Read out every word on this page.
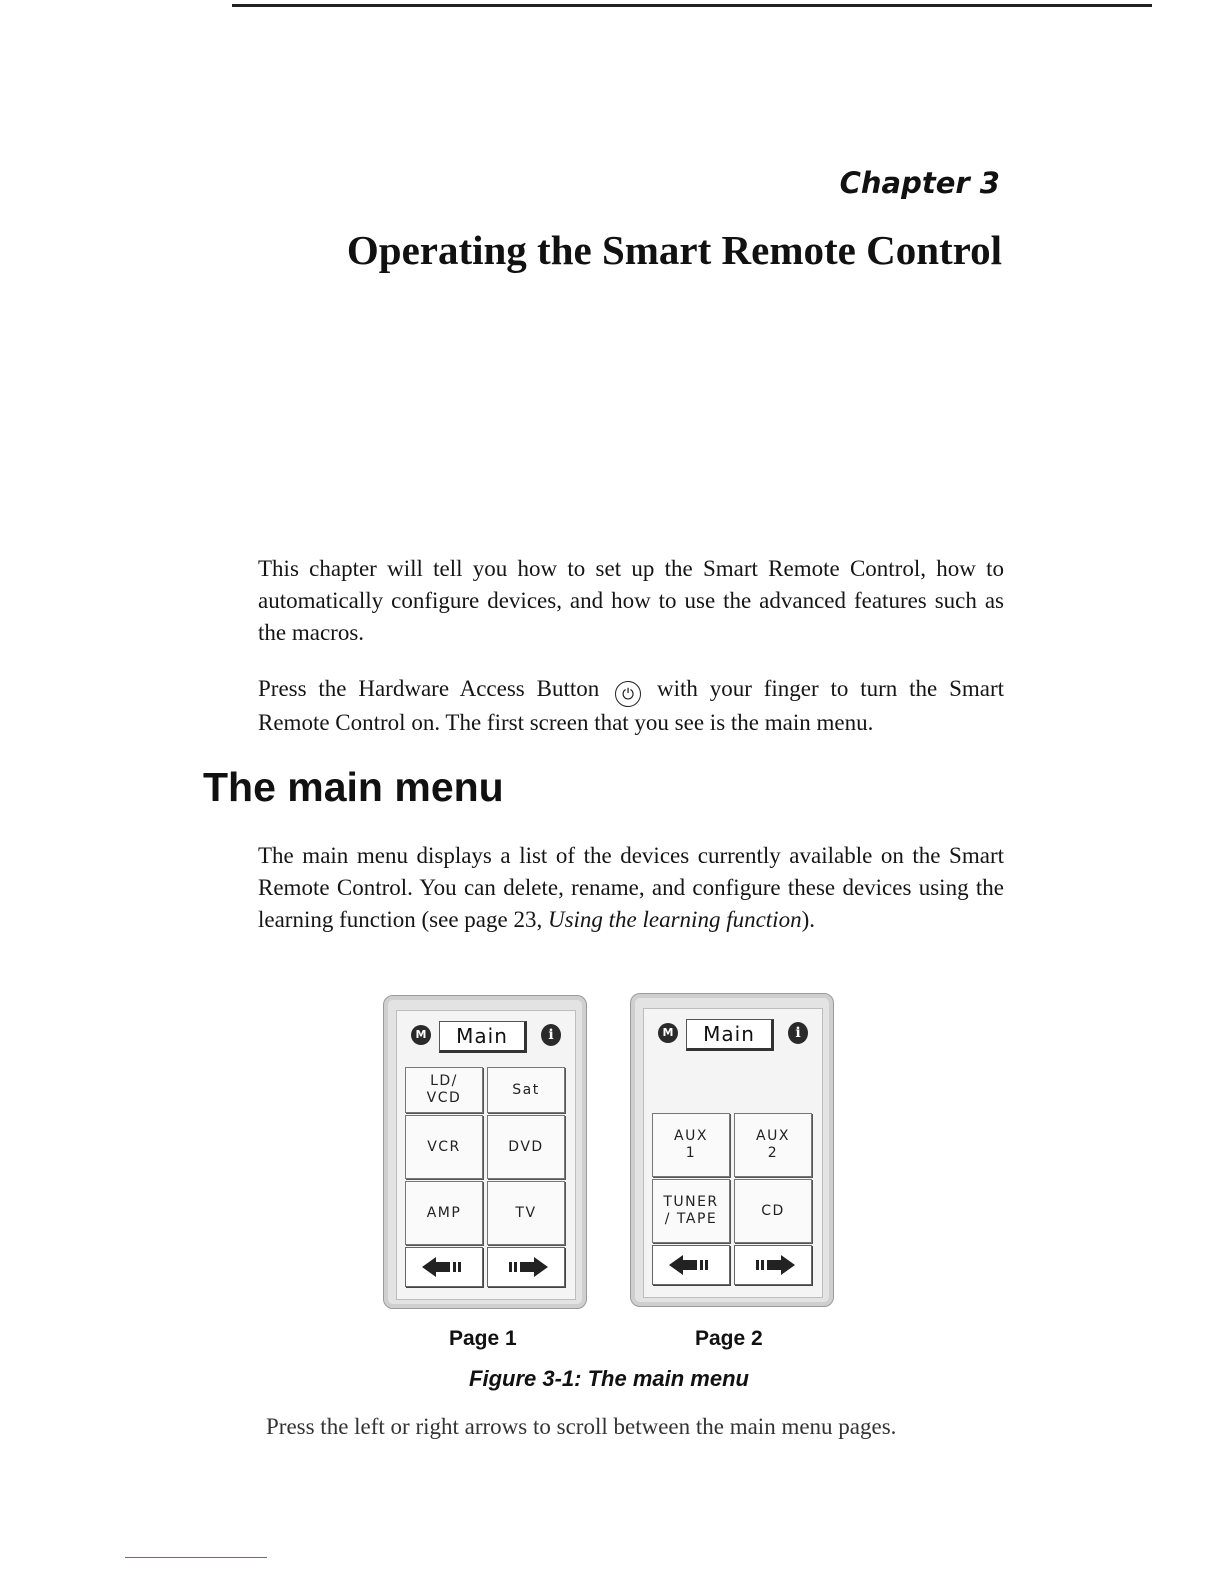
Chapter 3
Operating the Smart Remote Control
This chapter will tell you how to set up the Smart Remote Control, how to automatically configure devices, and how to use the advanced features such as the macros.
Press the Hardware Access Button ⏻ with your finger to turn the Smart Remote Control on. The first screen that you see is the main menu.
The main menu
The main menu displays a list of the devices currently available on the Smart Remote Control. You can delete, rename, and configure these devices using the learning function (see page 23, Using the learning function).
M	Main	i
LD/
VCD
Sat
VCR	DVD
AMP	TV
M	Main	i
AUX
1
AUX
2
TUNER
/ TAPE
CD
Page 1	Page 2
Figure 3-1: The main menu
Press the left or right arrows to scroll between the main menu pages.
